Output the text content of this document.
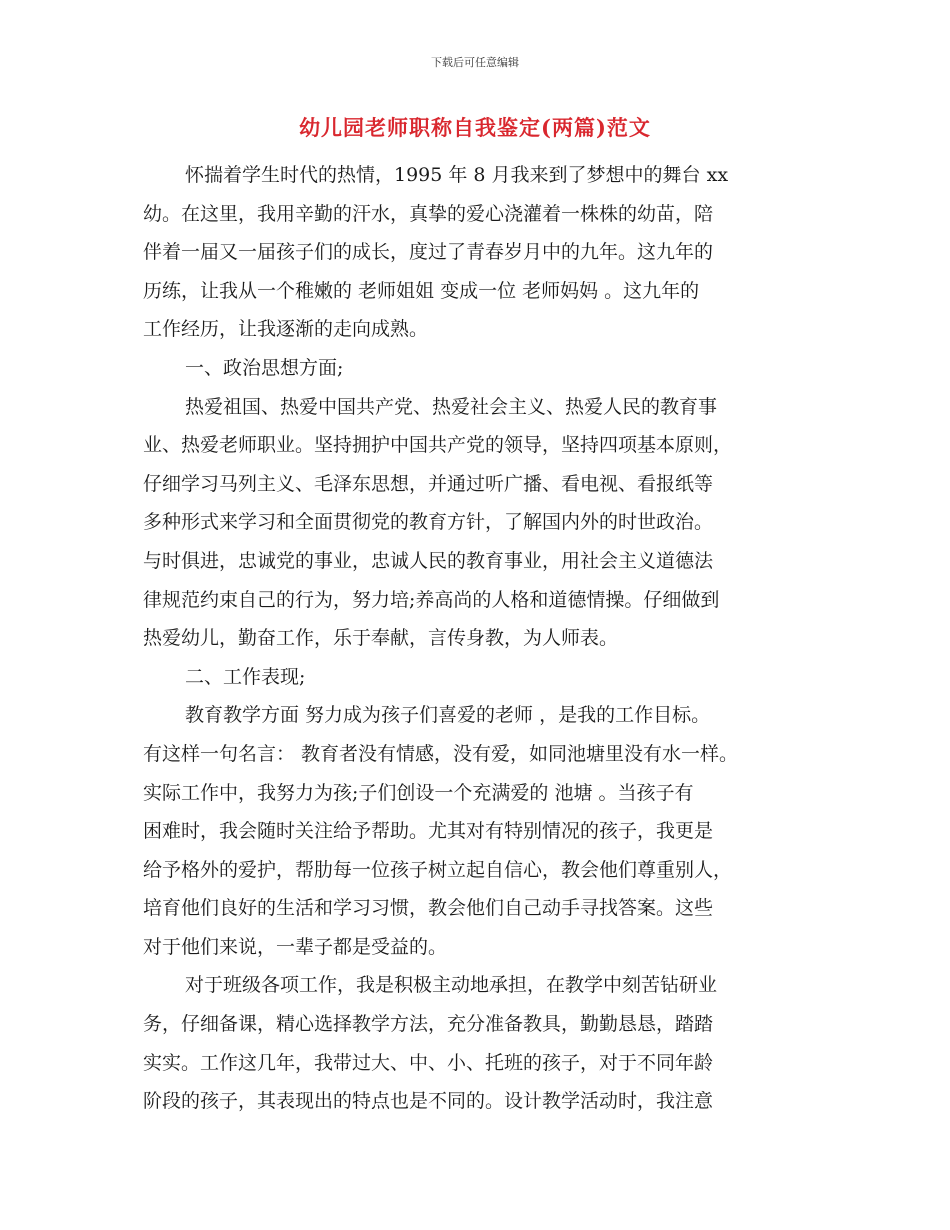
下载后可任意编辑
幼儿园老师职称自我鉴定(两篇)范文
怀揣着学生时代的热情，1995 年 8 月我来到了梦想中的舞台 xx
幼。在这里，我用辛勤的汗水，真挚的爱心浇灌着一株株的幼苗，陪
伴着一届又一届孩子们的成长，度过了青春岁月中的九年。这九年的
历练，让我从一个稚嫩的 老师姐姐 变成一位 老师妈妈 。这九年的
工作经历，让我逐渐的走向成熟。
一、政治思想方面;
热爱祖国、热爱中国共产党、热爱社会主义、热爱人民的教育事
业、热爱老师职业。坚持拥护中国共产党的领导，坚持四项基本原则，
仔细学习马列主义、毛泽东思想，并通过听广播、看电视、看报纸等
多种形式来学习和全面贯彻党的教育方针，了解国内外的时世政治。
与时俱进，忠诚党的事业，忠诚人民的教育事业，用社会主义道德法
律规范约束自己的行为，努力培;养高尚的人格和道德情操。仔细做到
热爱幼儿，勤奋工作，乐于奉献，言传身教，为人师表。
二、工作表现;
教育教学方面 努力成为孩子们喜爱的老师 ，是我的工作目标。
有这样一句名言： 教育者没有情感，没有爱，如同池塘里没有水一样。
实际工作中，我努力为孩;子们创设一个充满爱的 池塘 。当孩子有
困难时，我会随时关注给予帮助。尤其对有特别情况的孩子，我更是
给予格外的爱护，帮肋每一位孩子树立起自信心，教会他们尊重别人，
培育他们良好的生活和学习习惯，教会他们自己动手寻找答案。这些
对于他们来说，一辈子都是受益的。
对于班级各项工作，我是积极主动地承担，在教学中刻苦钻研业
务，仔细备课，精心选择教学方法，充分准备教具，勤勤恳恳，踏踏
实实。工作这几年，我带过大、中、小、托班的孩子，对于不同年龄
阶段的孩子，其表现出的特点也是不同的。设计教学活动时，我注意
